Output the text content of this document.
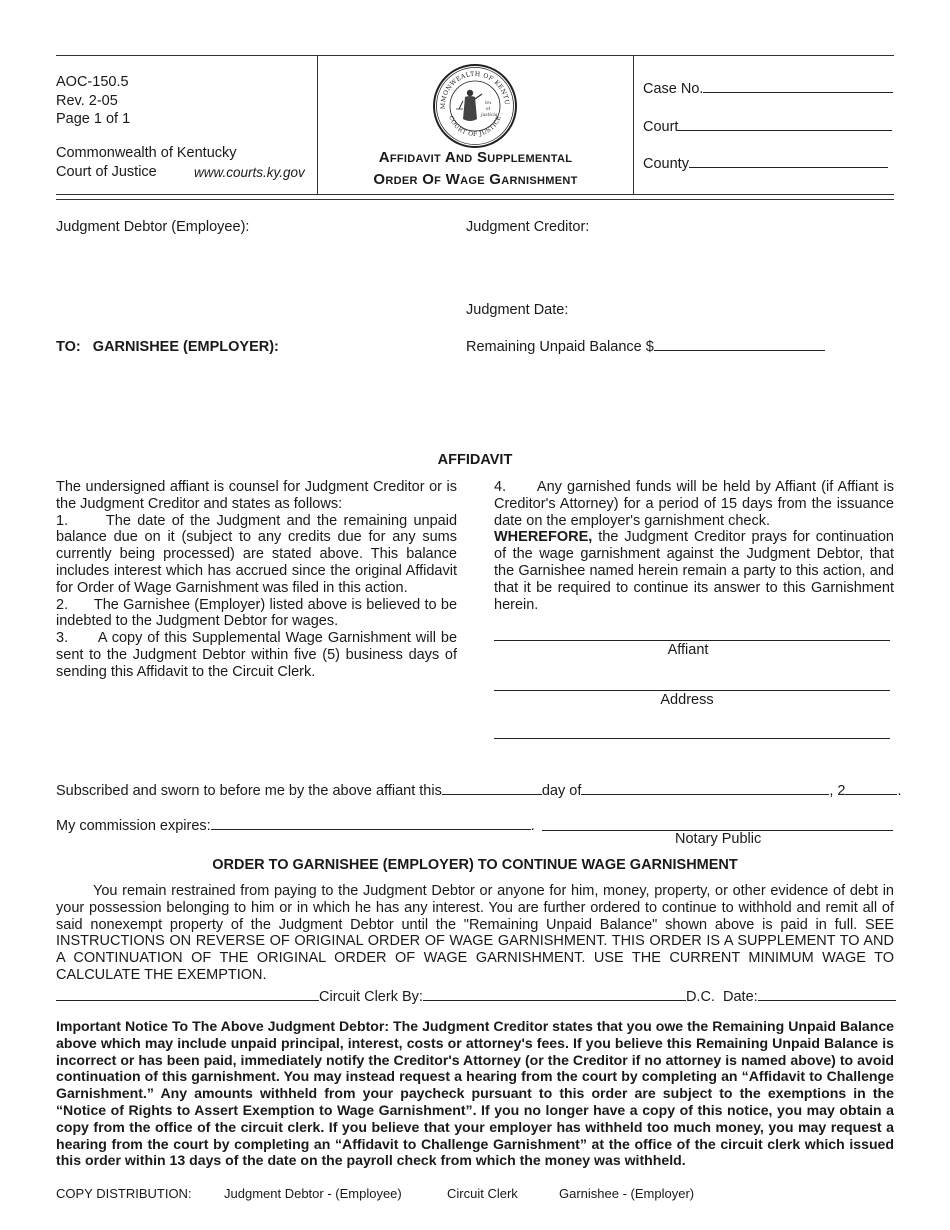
AOC-150.5
Rev. 2-05
Page 1 of 1
Commonwealth of Kentucky
Court of Justice	www.courts.ky.gov
MMONWEALTH OF KENTU
COURT OF JUSTICE
lex
et
justicia
Affidavit And Supplemental
Order Of Wage Garnishment
Case No.
Court
County
Judgment Debtor (Employee):	Judgment Creditor:
Judgment Date:
TO: GARNISHEE (EMPLOYER):	Remaining Unpaid Balance $
AFFIDAVIT
The undersigned affiant is counsel for Judgment Creditor or is the Judgment Creditor and states as follows:
1.	The date of the Judgment and the remaining unpaid balance due on it (subject to any credits due for any sums currently being processed) are stated above. This balance includes interest which has accrued since the original Affidavit for Order of Wage Garnishment was filed in this action.
2. The Garnishee (Employer) listed above is believed to be indebted to the Judgment Debtor for wages.
3. A copy of this Supplemental Wage Garnishment will be sent to the Judgment Debtor within five (5) business days of sending this Affidavit to the Circuit Clerk.
4. Any garnished funds will be held by Affiant (if Affiant is Creditor's Attorney) for a period of 15 days from the issuance date on the employer's garnishment check.
WHEREFORE, the Judgment Creditor prays for continuation of the wage garnishment against the Judgment Debtor, that the Garnishee named herein remain a party to this action, and that it be required to continue its answer to this Garnishment herein.
Affiant
Address
Subscribed and sworn to before me by the above affiant this	day of	, 2	.
My commission expires:	.
Notary Public
ORDER TO GARNISHEE (EMPLOYER) TO CONTINUE WAGE GARNISHMENT
You remain restrained from paying to the Judgment Debtor or anyone for him, money, property, or other evidence of debt in your possession belonging to him or in which he has any interest. You are further ordered to continue to withhold and remit all of said nonexempt property of the Judgment Debtor until the "Remaining Unpaid Balance" shown above is paid in full. SEE INSTRUCTIONS ON REVERSE OF ORIGINAL ORDER OF WAGE GARNISHMENT. THIS ORDER IS A SUPPLEMENT TO AND A CONTINUATION OF THE ORIGINAL ORDER OF WAGE GARNISHMENT. USE THE CURRENT MINIMUM WAGE TO CALCULATE THE EXEMPTION.
Circuit Clerk By:	D.C. Date:
Important Notice To The Above Judgment Debtor: The Judgment Creditor states that you owe the Remaining Unpaid Balance above which may include unpaid principal, interest, costs or attorney's fees. If you believe this Remaining Unpaid Balance is incorrect or has been paid, immediately notify the Creditor's Attorney (or the Creditor if no attorney is named above) to avoid continuation of this garnishment. You may instead request a hearing from the court by completing an “Affidavit to Challenge Garnishment.” Any amounts withheld from your paycheck pursuant to this order are subject to the exemptions in the “Notice of Rights to Assert Exemption to Wage Garnishment”. If you no longer have a copy of this notice, you may obtain a copy from the office of the circuit clerk. If you believe that your employer has withheld too much money, you may request a hearing from the court by completing an “Affidavit to Challenge Garnishment” at the office of the circuit clerk which issued this order within 13 days of the date on the payroll check from which the money was withheld.
COPY DISTRIBUTION: Judgment Debtor - (Employee)	Circuit Clerk	Garnishee - (Employer)
